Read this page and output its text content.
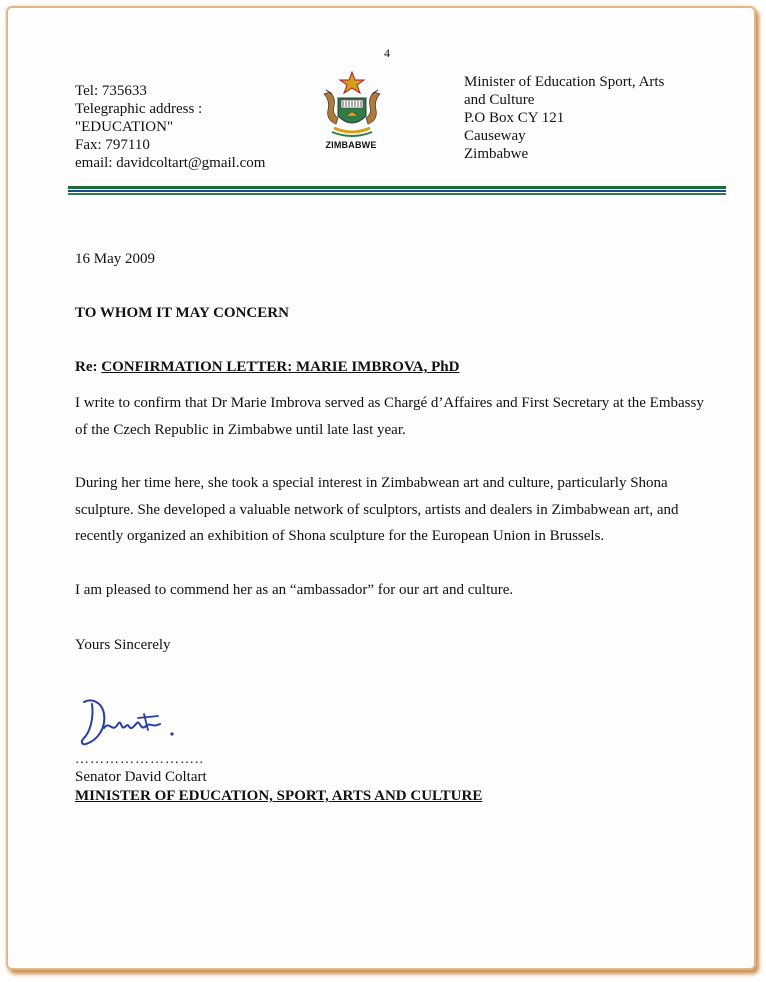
4
Tel: 735633
Telegraphic address :
"EDUCATION"
Fax: 797110
email: davidcoltart@gmail.com
ZIMBABWE
Minister of Education Sport, Arts
and Culture
P.O Box CY 121
Causeway
Zimbabwe
16 May 2009
TO WHOM IT MAY CONCERN
Re: CONFIRMATION LETTER: MARIE IMBROVA, PhD
I write to confirm that Dr Marie Imbrova served as Chargé d’Affaires and First Secretary at the Embassy of the Czech Republic in Zimbabwe until late last year.
During her time here, she took a special interest in Zimbabwean art and culture, particularly Shona sculpture. She developed a valuable network of sculptors, artists and dealers in Zimbabwean art, and recently organized an exhibition of Shona sculpture for the European Union in Brussels.
I am pleased to commend her as an “ambassador” for our art and culture.
Yours Sincerely
……………………..
Senator David Coltart
MINISTER OF EDUCATION, SPORT, ARTS AND CULTURE
